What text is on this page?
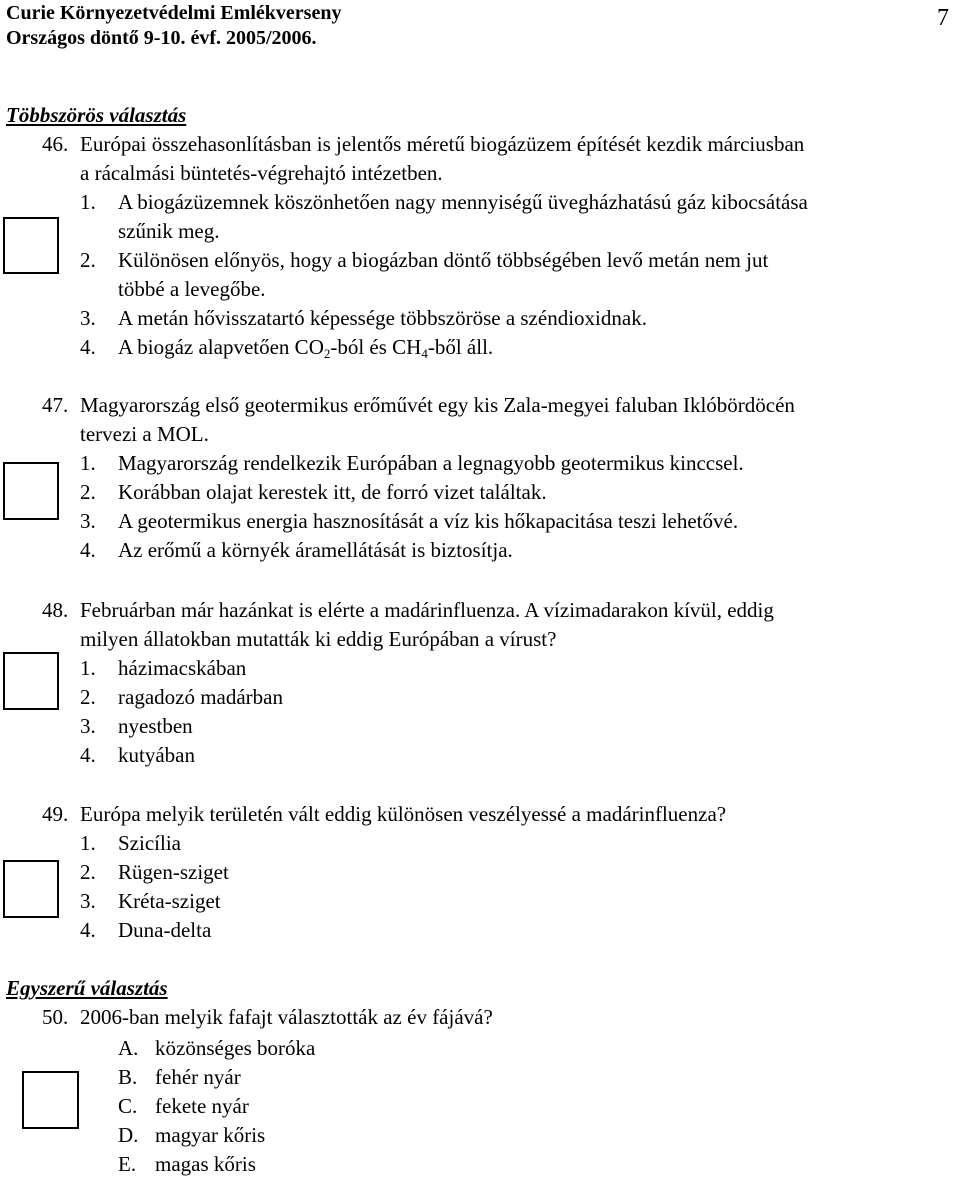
Curie Környezetvédelmi Emlékverseny
Országos döntő 9-10. évf. 2005/2006.
7
Többszörös választás
46. Európai összehasonlításban is jelentős méretű biogázüzem építését kezdik márciusban
a rácalmási büntetés-végrehajtó intézetben.
1. A biogázüzemnek köszönhetően nagy mennyiségű üvegházhatású gáz kibocsátása
szűnik meg.
2. Különösen előnyös, hogy a biogázban döntő többségében levő metán nem jut
többé a levegőbe.
3. A metán hővisszatartó képessége többszöröse a széndioxidnak.
4. A biogáz alapvetően $CO_2$-ból és $CH_4$-ből áll.
47. Magyarország első geotermikus erőművét egy kis Zala-megyei faluban Iklóbördöcén
tervezi a MOL.
1. Magyarország rendelkezik Európában a legnagyobb geotermikus kinccsel.
2. Korábban olajat kerestek itt, de forró vizet találtak.
3. A geotermikus energia hasznosítását a víz kis hőkapacitása teszi lehetővé.
4. Az erőmű a környék áramellátását is biztosítja.
48. Februárban már hazánkat is elérte a madárinfluenza. A vízimadarakon kívül, eddig
milyen állatokban mutatták ki eddig Európában a vírust?
1. házimacskában
2. ragadozó madárban
3. nyestben
4. kutyában
49. Európa melyik területén vált eddig különösen veszélyessé a madárinfluenza?
1. Szicília
2. Rügen-sziget
3. Kréta-sziget
4. Duna-delta
Egyszerű választás
50. 2006-ban melyik fafajt választották az év fájává?
A. közönséges boróka
B. fehér nyár
C. fekete nyár
D. magyar kőris
E. magas kőris
